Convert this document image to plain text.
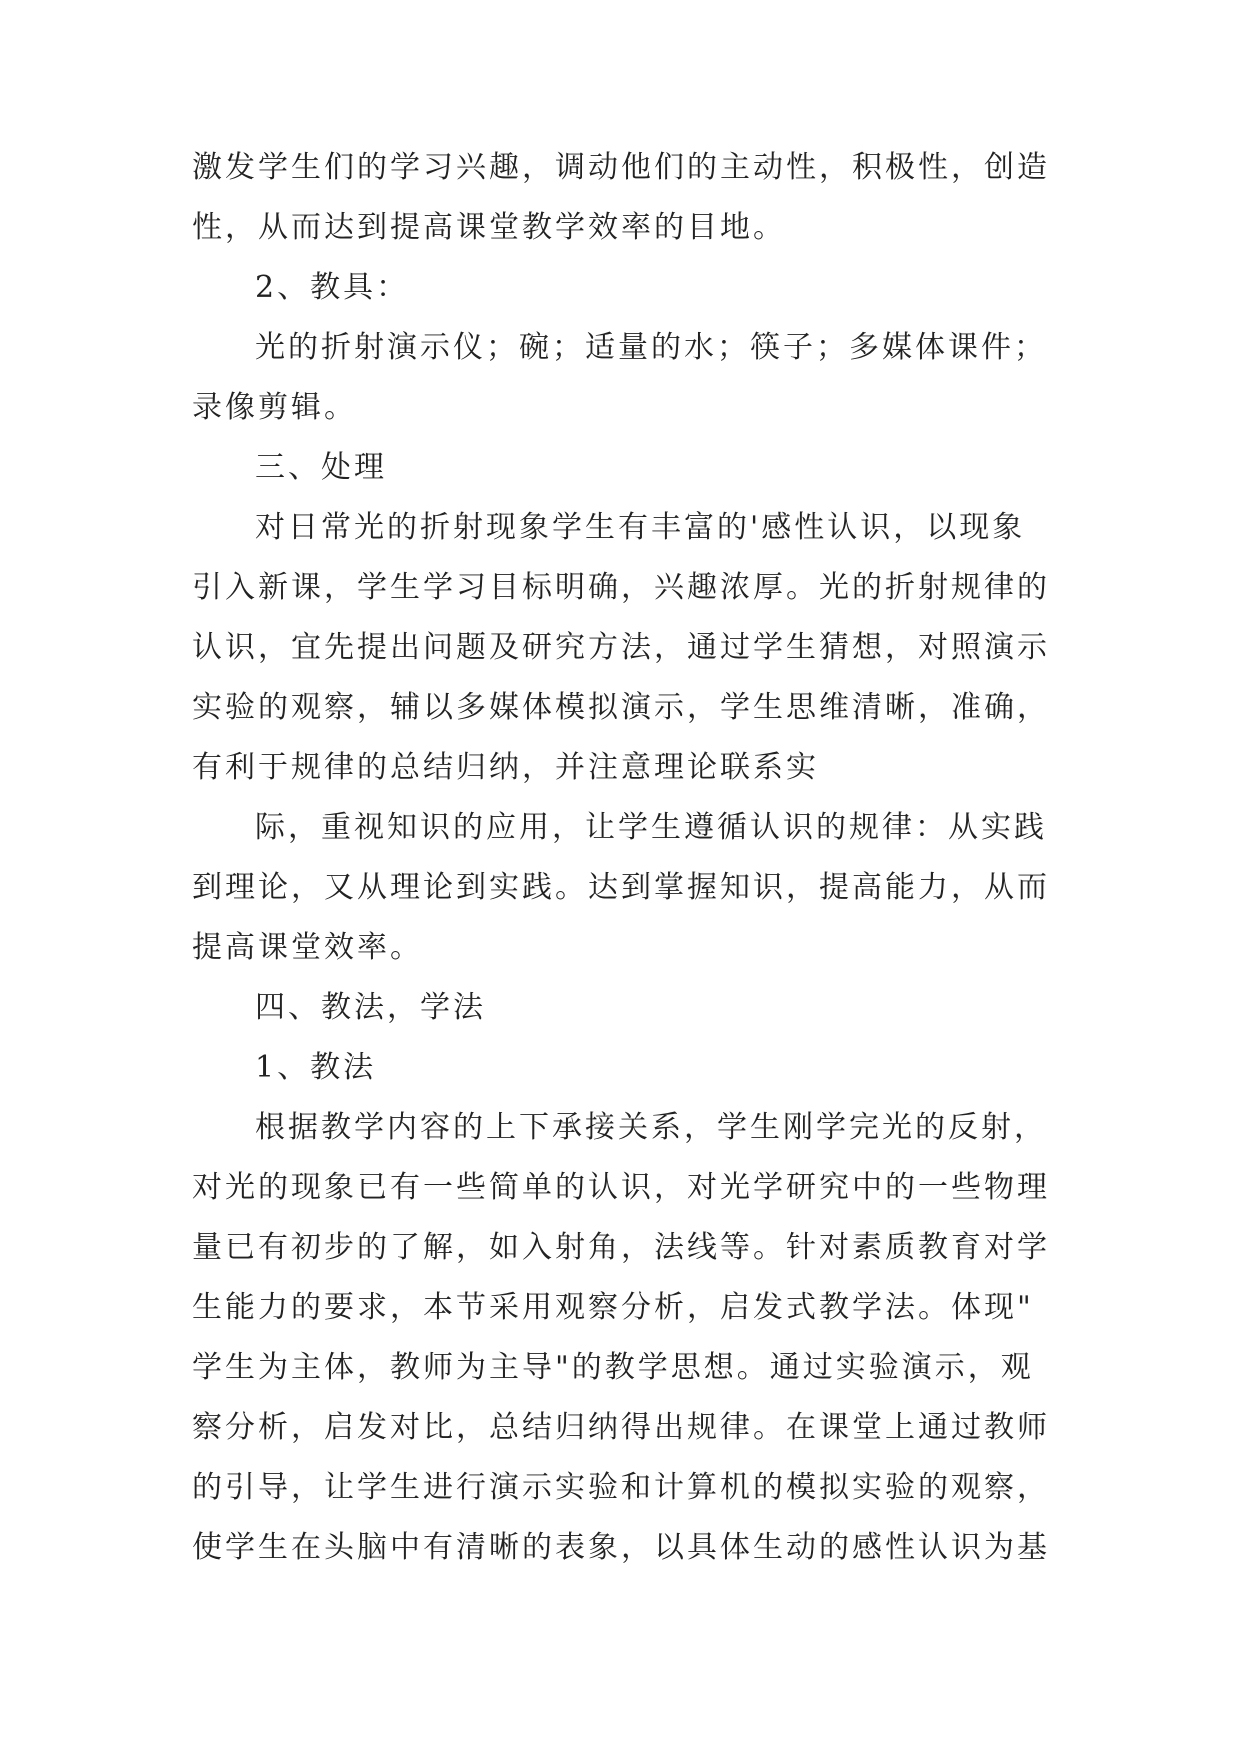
激发学生们的学习兴趣，调动他们的主动性，积极性，创造
性，从而达到提高课堂教学效率的目地。
2、教具：
光的折射演示仪；碗；适量的水；筷子；多媒体课件；
录像剪辑。
三、处理
对日常光的折射现象学生有丰富的'感性认识，以现象
引入新课，学生学习目标明确，兴趣浓厚。光的折射规律的
认识，宜先提出问题及研究方法，通过学生猜想，对照演示
实验的观察，辅以多媒体模拟演示，学生思维清晰，准确，
有利于规律的总结归纳，并注意理论联系实
际，重视知识的应用，让学生遵循认识的规律：从实践
到理论，又从理论到实践。达到掌握知识，提高能力，从而
提高课堂效率。
四、教法，学法
1、教法
根据教学内容的上下承接关系，学生刚学完光的反射，
对光的现象已有一些简单的认识，对光学研究中的一些物理
量已有初步的了解，如入射角，法线等。针对素质教育对学
生能力的要求，本节采用观察分析，启发式教学法。体现"
学生为主体，教师为主导"的教学思想。通过实验演示，观
察分析，启发对比，总结归纳得出规律。在课堂上通过教师
的引导，让学生进行演示实验和计算机的模拟实验的观察，
使学生在头脑中有清晰的表象，以具体生动的感性认识为基
